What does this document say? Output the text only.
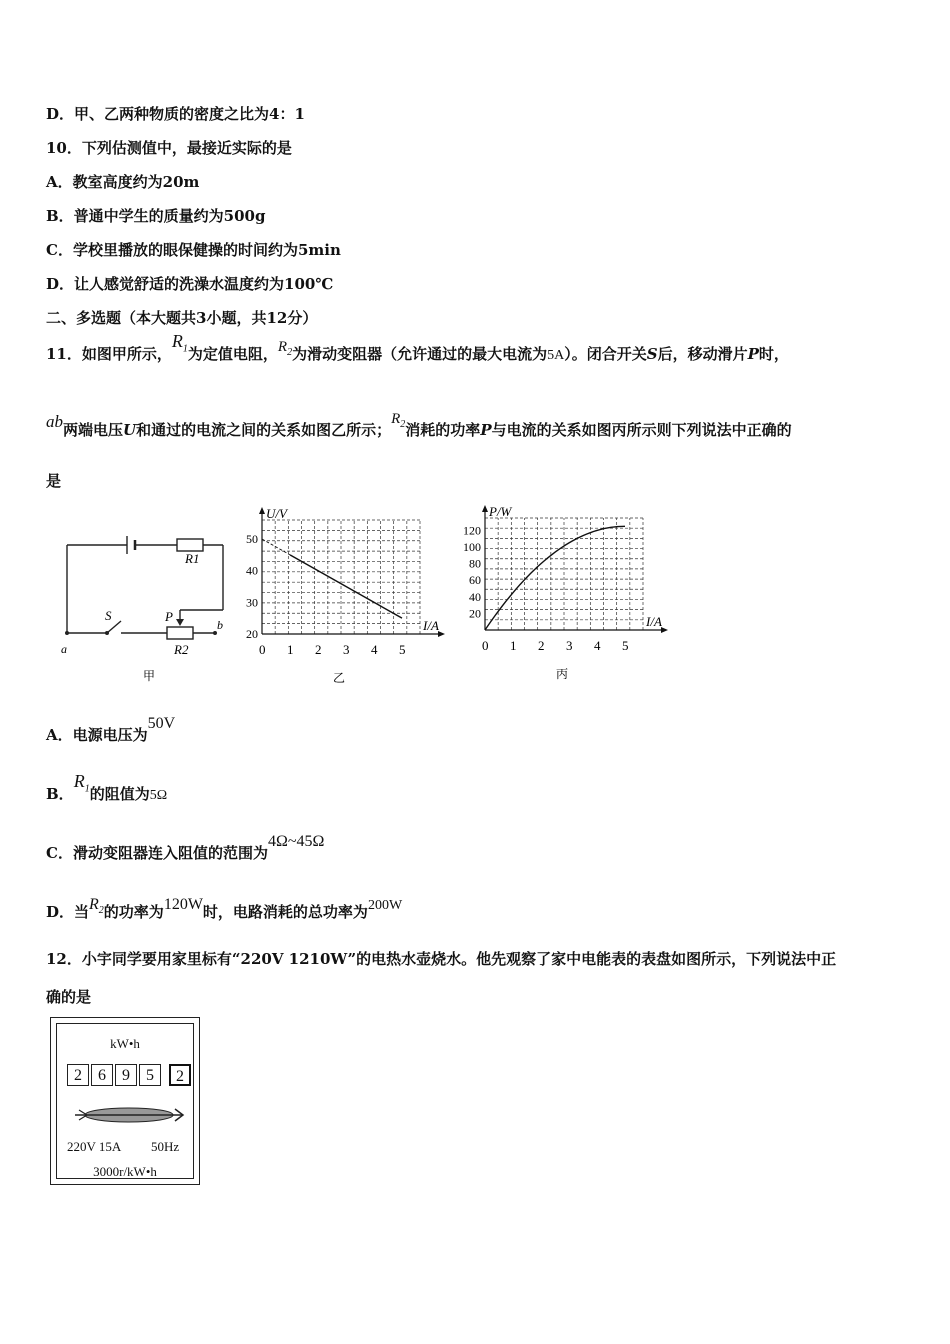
D．甲、乙两种物质的密度之比为4：1
10．下列估测值中，最接近实际的是
A．教室高度约为20m
B．普通中学生的质量约为500g
C．学校里播放的眼保健操的时间约为5min
D．让人感觉舒适的洗澡水温度约为100℃
二、多选题（本大题共3小题，共12分）
11．如图甲所示，$R_1$为定值电阻，$R_2$为滑动变阻器（允许通过的最大电流为5A）。闭合开关S后，移动滑片P时，
ab两端电压U和通过的电流之间的关系如图乙所示；$R_2$消耗的功率P与电流的关系如图丙所示则下列说法中正确的
是
R1
S	P
R2
a
b
甲
U/V
I/A
0 1 2 3 4 5
20
30
40
50
乙
P/W
I/A
0 1 2 3 4 5
20
40
60
80
100
120
丙
A．电源电压为50V
B．$R_1$的阻值为5Ω
C．滑动变阻器连入阻值的范围为4Ω~45Ω
D．当$R_2$的功率为120W时，电路消耗的总功率为200W
12．小宇同学要用家里标有“220V 1210W”的电热水壶烧水。他先观察了家中电能表的表盘如图所示，下列说法中正
确的是
kW•h
2	6	9	5	2
220V 15A 50Hz
3000r/kW•h
